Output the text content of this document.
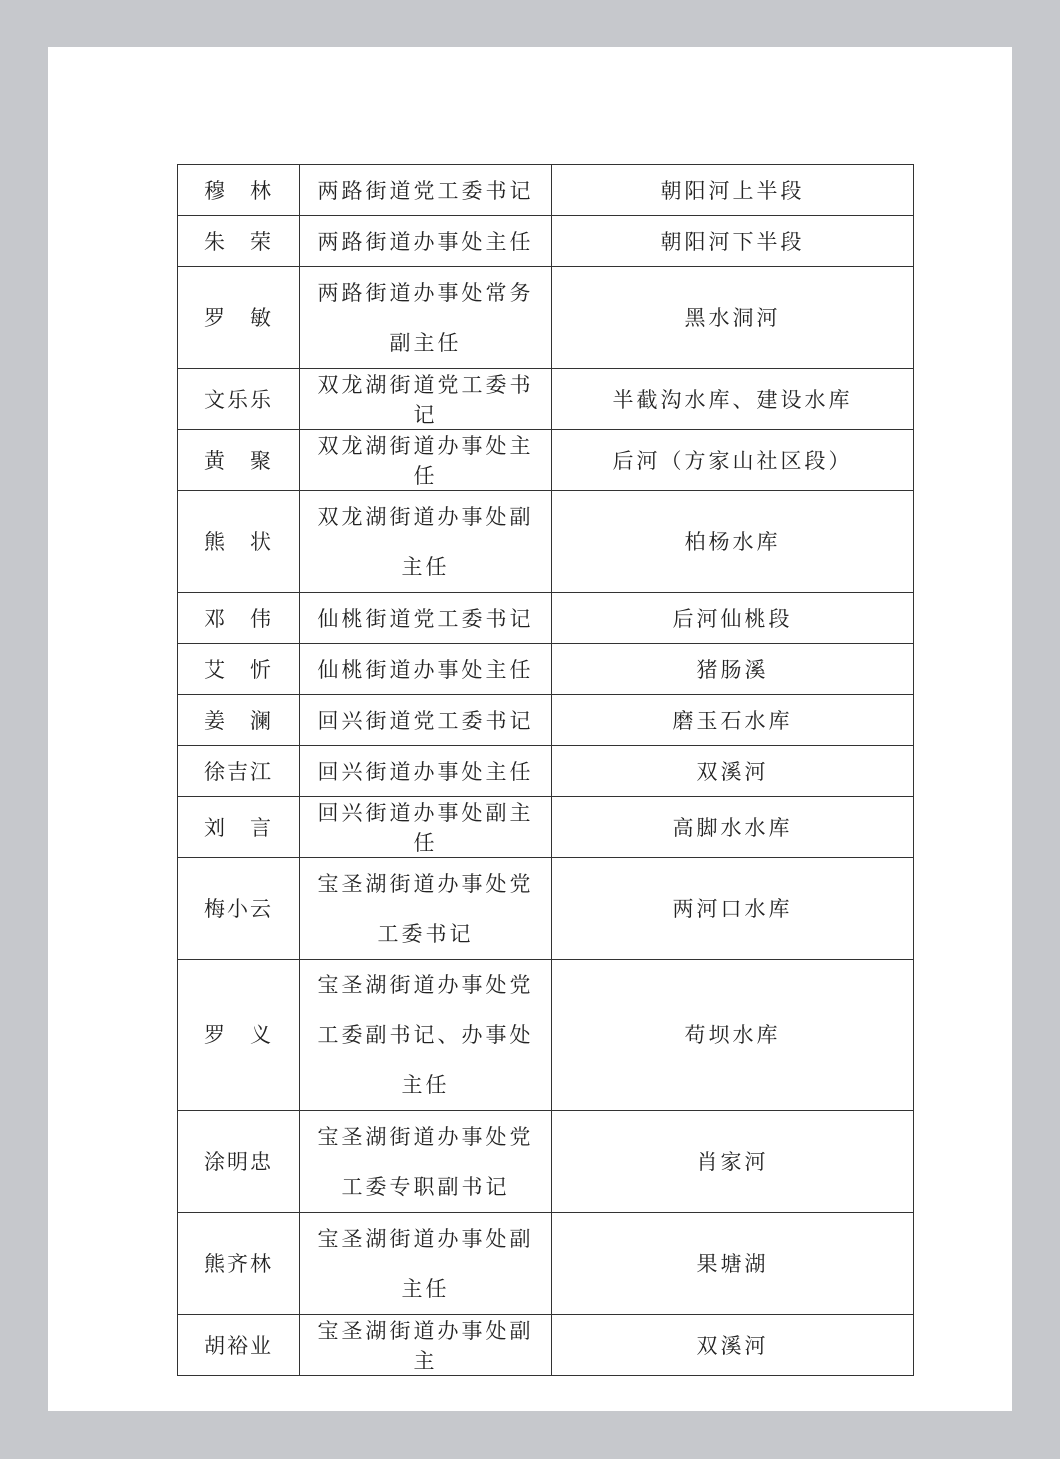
穆　林	两路街道党工委书记	朝阳河上半段
朱　荣	两路街道办事处主任	朝阳河下半段
罗　敏	两路街道办事处常务副主任	黑水洞河
文乐乐	双龙湖街道党工委书记	半截沟水库、建设水库
黄　聚	双龙湖街道办事处主任	后河（方家山社区段）
熊　状	双龙湖街道办事处副主任	柏杨水库
邓　伟	仙桃街道党工委书记	后河仙桃段
艾　忻	仙桃街道办事处主任	猪肠溪
姜　澜	回兴街道党工委书记	磨玉石水库
徐吉江	回兴街道办事处主任	双溪河
刘　言	回兴街道办事处副主任	高脚水水库
梅小云	宝圣湖街道办事处党工委书记	两河口水库
罗　义	宝圣湖街道办事处党工委副书记、办事处主任	苟坝水库
涂明忠	宝圣湖街道办事处党工委专职副书记	肖家河
熊齐林	宝圣湖街道办事处副主任	果塘湖
胡裕业	宝圣湖街道办事处副主	双溪河
